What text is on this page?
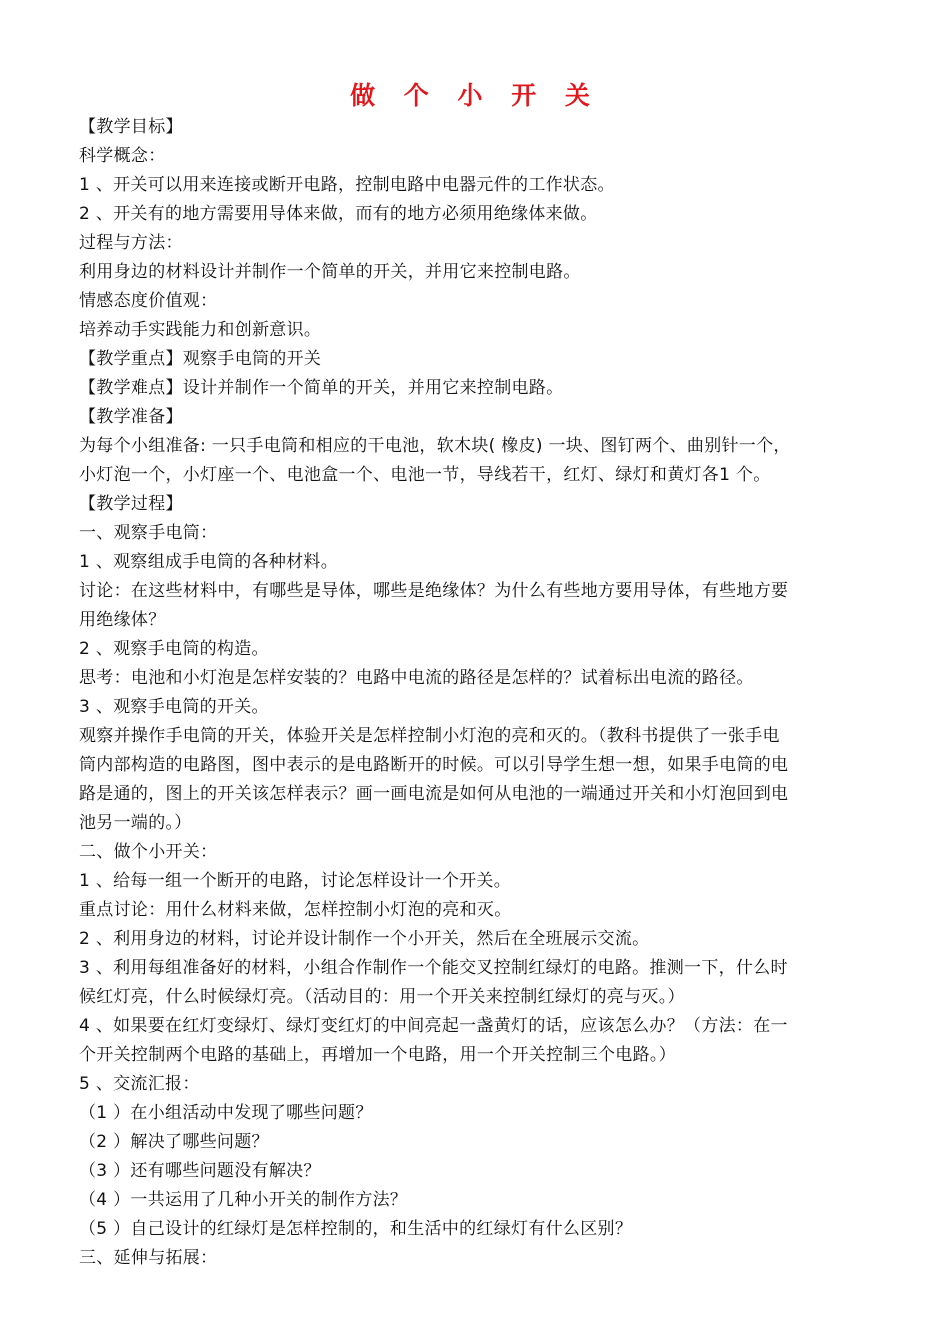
做 个 小 开 关

【教学目标】

科学概念：

1 、开关可以用来连接或断开电路，控制电路中电器元件的工作状态。

2 、开关有的地方需要用导体来做，而有的地方必须用绝缘体来做。

过程与方法：

利用身边的材料设计并制作一个简单的开关，并用它来控制电路。

情感态度价值观：

培养动手实践能力和创新意识。

【教学重点】观察手电筒的开关

【教学难点】设计并制作一个简单的开关，并用它来控制电路。

【教学准备】

为每个小组准备: 一只手电筒和相应的干电池，软木块( 橡皮) 一块、图钉两个、曲别针一个，

小灯泡一个，小灯座一个、电池盒一个、电池一节，导线若干，红灯、绿灯和黄灯各1 个。

【教学过程】

一、观察手电筒：

1 、观察组成手电筒的各种材料。

讨论：在这些材料中，有哪些是导体，哪些是绝缘体？为什么有些地方要用导体，有些地方要

用绝缘体？

2 、观察手电筒的构造。

思考：电池和小灯泡是怎样安装的？电路中电流的路径是怎样的？试着标出电流的路径。

3 、观察手电筒的开关。

观察并操作手电筒的开关，体验开关是怎样控制小灯泡的亮和灭的。（教科书提供了一张手电

筒内部构造的电路图，图中表示的是电路断开的时候。可以引导学生想一想，如果手电筒的电

路是通的，图上的开关该怎样表示？画一画电流是如何从电池的一端通过开关和小灯泡回到电

池另一端的。）

二、做个小开关：

1 、给每一组一个断开的电路，讨论怎样设计一个开关。

重点讨论：用什么材料来做，怎样控制小灯泡的亮和灭。

2 、利用身边的材料，讨论并设计制作一个小开关，然后在全班展示交流。

3 、利用每组准备好的材料，小组合作制作一个能交叉控制红绿灯的电路。推测一下，什么时

候红灯亮，什么时候绿灯亮。（活动目的：用一个开关来控制红绿灯的亮与灭。）

4 、如果要在红灯变绿灯、绿灯变红灯的中间亮起一盏黄灯的话，应该怎么办？（方法：在一

个开关控制两个电路的基础上，再增加一个电路，用一个开关控制三个电路。）

5 、交流汇报：

（1 ）在小组活动中发现了哪些问题？

（2 ）解决了哪些问题？

（3 ）还有哪些问题没有解决？

（4 ）一共运用了几种小开关的制作方法？

（5 ）自己设计的红绿灯是怎样控制的，和生活中的红绿灯有什么区别？

三、延伸与拓展：
